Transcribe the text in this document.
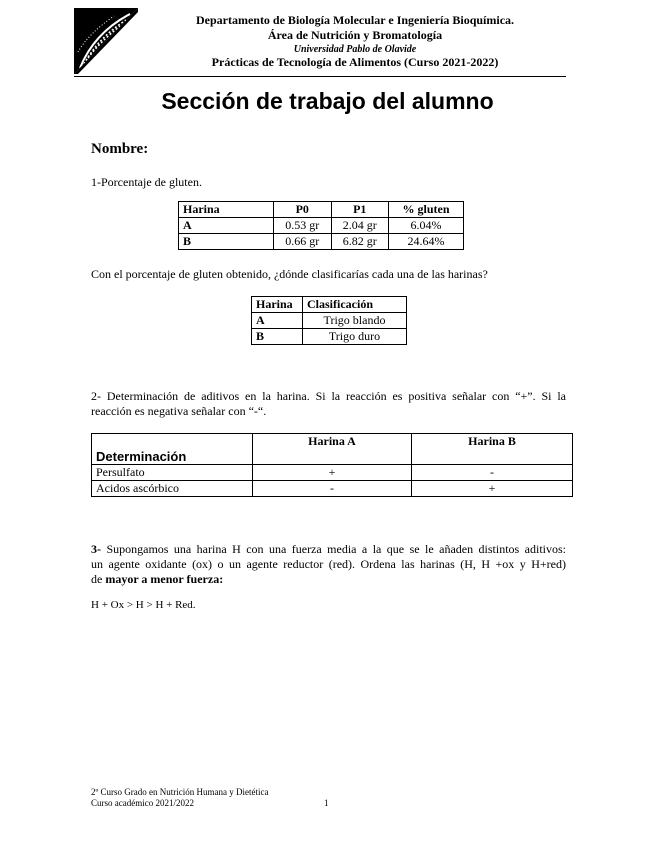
Departamento de Biología Molecular e Ingeniería Bioquímica.
Área de Nutrición y Bromatología
Universidad Pablo de Olavide
Prácticas de Tecnología de Alimentos (Curso 2021-2022)
Sección de trabajo del alumno
Nombre:
1-Porcentaje de gluten.
Harina	P0	P1	% gluten
A	0.53 gr	2.04 gr	6.04%
B	0.66 gr	6.82 gr	24.64%
Con el porcentaje de gluten obtenido, ¿dónde clasificarías cada una de las harinas?
Harina	Clasificación
A	Trigo blando
B	Trigo duro
2- Determinación de aditivos en la harina. Si la reacción es positiva señalar con “+”. Si la
reacción es negativa señalar con “-“.
Determinación	Harina A	Harina B
Persulfato	+	-
Acidos ascórbico	-	+
3- Supongamos una harina H con una fuerza media a la que se le añaden distintos aditivos:
un agente oxidante (ox) o un agente reductor (red). Ordena las harinas (H, H +ox y H+red)
de mayor a menor fuerza:
H + Ox > H > H + Red.
2º Curso Grado en Nutrición Humana y Dietética
Curso académico 2021/2022	1
